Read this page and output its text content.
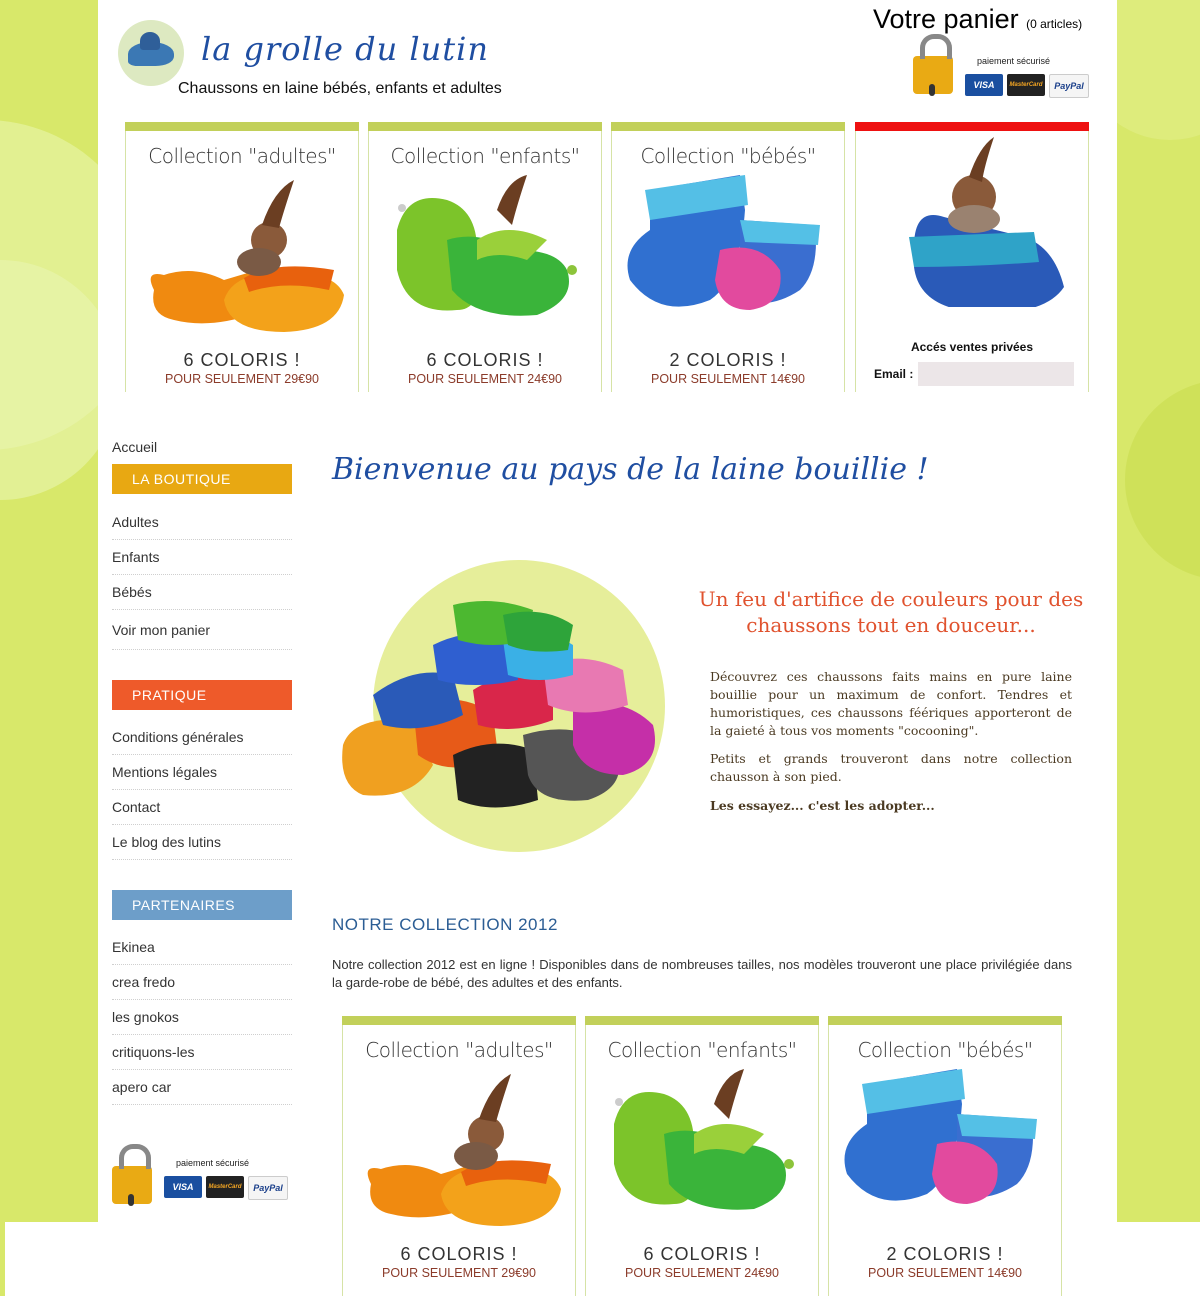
la grolle du lutin
Chaussons en laine bébés, enfants et adultes
Votre panier (0 articles)
paiement sécurisé
VISA	MasterCard	PayPal
Collection "adultes"
6 COLORIS !
POUR SEULEMENT 29€90
Collection "enfants"
6 COLORIS !
POUR SEULEMENT 24€90
Collection "bébés"
2 COLORIS !
POUR SEULEMENT 14€90
Accés ventes privées
Email :
Accueil
LA BOUTIQUE
Adultes
Enfants
Bébés
Voir mon panier
PRATIQUE
Conditions générales
Mentions légales
Contact
Le blog des lutins
PARTENAIRES
Ekinea
crea fredo
les gnokos
critiquons-les
apero car
paiement sécurisé
VISA	MasterCard	PayPal
Bienvenue au pays de la laine bouillie !
Un feu d'artifice de couleurs pour des chaussons tout en douceur...
Découvrez ces chaussons faits mains en pure laine bouillie pour un maximum de confort. Tendres et humoristiques, ces chaussons féériques apporteront de la gaieté à tous vos moments "cocooning".
Petits et grands trouveront dans notre collection chausson à son pied.
Les essayez... c'est les adopter...
NOTRE COLLECTION 2012
Notre collection 2012 est en ligne ! Disponibles dans de nombreuses tailles, nos modèles trouveront une place privilégiée dans la garde-robe de bébé, des adultes et des enfants.
Collection "adultes"
6 COLORIS !
POUR SEULEMENT 29€90
Collection "enfants"
6 COLORIS !
POUR SEULEMENT 24€90
Collection "bébés"
2 COLORIS !
POUR SEULEMENT 14€90
